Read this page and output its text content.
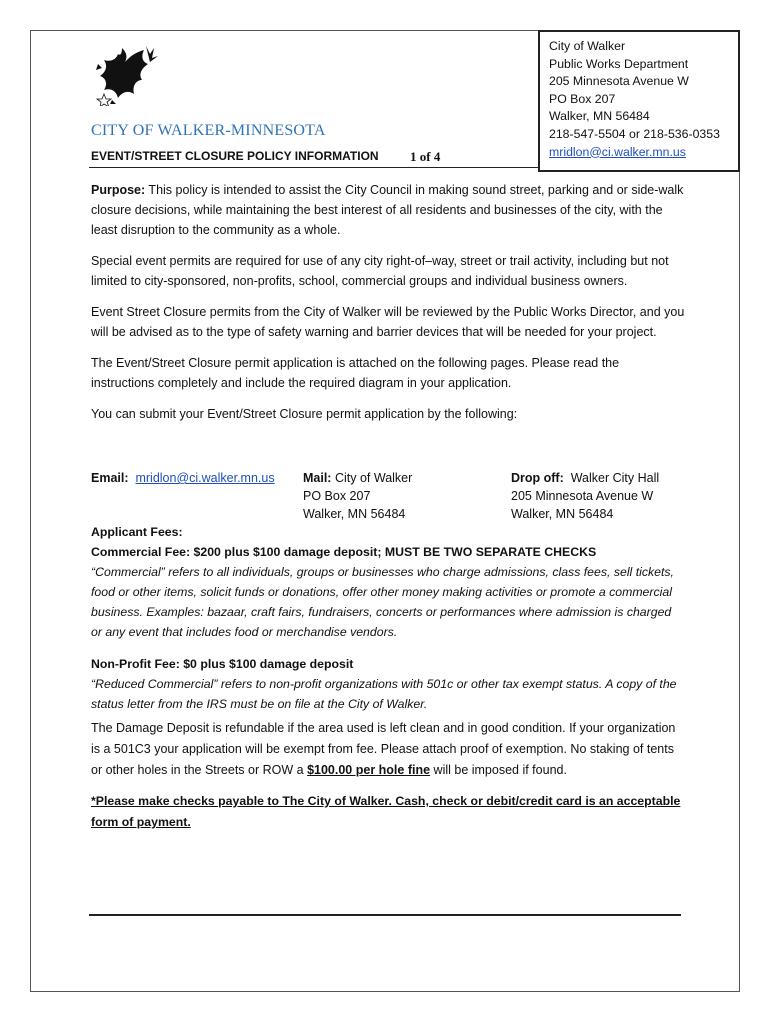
CITY OF WALKER-MINNESOTA
EVENT/STREET CLOSURE POLICY INFORMATION 1 of 4
City of Walker
Public Works Department
205 Minnesota Avenue W
PO Box 207
Walker, MN 56484
218-547-5504 or 218-536-0353
mridlon@ci.walker.mn.us

Purpose: This policy is intended to assist the City Council in making sound street, parking and or side-walk closure decisions, while maintaining the best interest of all residents and businesses of the city, with the least disruption to the community as a whole.

Special event permits are required for use of any city right-of–way, street or trail activity, including but not limited to city-sponsored, non-profits, school, commercial groups and individual business owners.

Event Street Closure permits from the City of Walker will be reviewed by the Public Works Director, and you will be advised as to the type of safety warning and barrier devices that will be needed for your project.

The Event/Street Closure permit application is attached on the following pages. Please read the instructions completely and include the required diagram in your application.

You can submit your Event/Street Closure permit application by the following:

Email: mridlon@ci.walker.mn.us Mail: City of Walker
PO Box 207
Walker, MN 56484
Drop off: Walker City Hall
205 Minnesota Avenue W
Walker, MN 56484
Applicant Fees:
Commercial Fee: $200 plus $100 damage deposit; MUST BE TWO SEPARATE CHECKS
“Commercial” refers to all individuals, groups or businesses who charge admissions, class fees, sell tickets, food or other items, solicit funds or donations, offer other money making activities or promote a commercial business. Examples: bazaar, craft fairs, fundraisers, concerts or performances where admission is charged or any event that includes food or merchandise vendors.
Non-Profit Fee: $0 plus $100 damage deposit
“Reduced Commercial” refers to non-profit organizations with 501c or other tax exempt status. A copy of the status letter from the IRS must be on file at the City of Walker.
The Damage Deposit is refundable if the area used is left clean and in good condition. If your organization is a 501C3 your application will be exempt from fee. Please attach proof of exemption. No staking of tents or other holes in the Streets or ROW a $100.00 per hole fine will be imposed if found.
*Please make checks payable to The City of Walker. Cash, check or debit/credit card is an acceptable form of payment.
